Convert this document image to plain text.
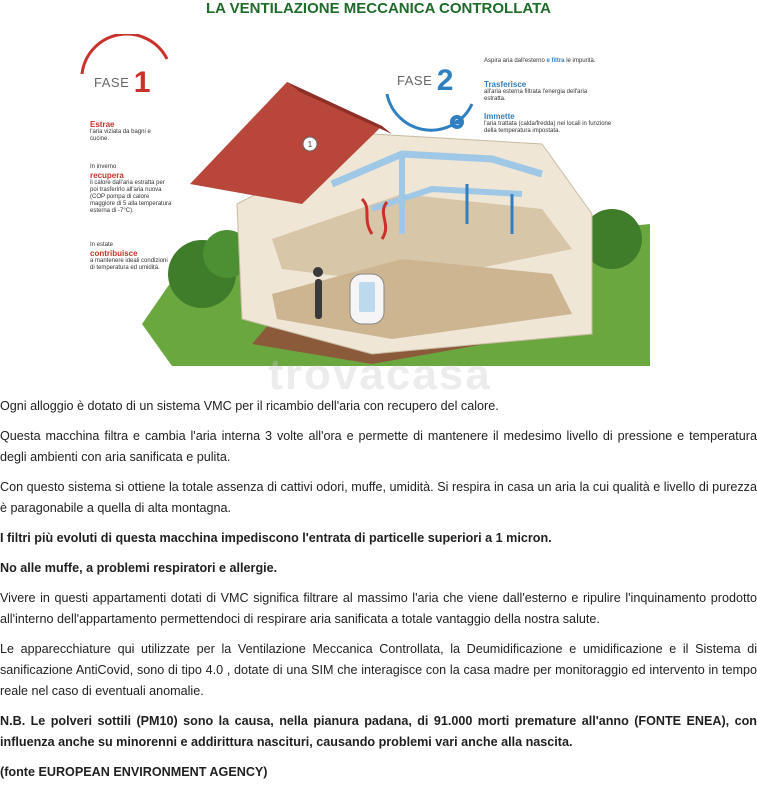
LA VENTILAZIONE MECCANICA CONTROLLATA
1
2
FASE 1	FASE 2
Estrae
l'aria viziata da bagni e cucine.
In inverno
recupera
il calore dall'aria estratta per poi trasferirlo all'aria nuova (COP pompa di calore maggiore di 5 alla temperatura esterna di -7°C).
In estate
contribuisce
a mantenere ideali condizioni di temperatura ed umidità.
Aspira aria dall'esterno e filtra le impurità.
Trasferisce
all'aria esterna filtrata l'energia dell'aria estratta.
Immette
l'aria trattata (calda/fredda) nei locali in funzione della temperatura impostata.
trovacasa

Ogni alloggio è dotato di un sistema VMC per il ricambio dell'aria con recupero del calore.

Questa macchina filtra e cambia l'aria interna 3 volte all'ora e permette di mantenere il medesimo livello di pressione e temperatura degli ambienti con aria sanificata e pulita.

Con questo sistema si ottiene la totale assenza di cattivi odori, muffe, umidità. Si respira in casa un aria la cui qualità e livello di purezza è paragonabile a quella di alta montagna.

I filtri più evoluti di questa macchina impediscono l'entrata di particelle superiori a 1 micron.

No alle muffe, a problemi respiratori e allergie.

Vivere in questi appartamenti dotati di VMC significa filtrare al massimo l'aria che viene dall'esterno e ripulire l'inquinamento prodotto all'interno dell'appartamento permettendoci di respirare aria sanificata a totale vantaggio della nostra salute.

Le apparecchiature qui utilizzate per la Ventilazione Meccanica Controllata, la Deumidificazione e umidificazione e il Sistema di sanificazione AntiCovid, sono di tipo 4.0 , dotate di una SIM che interagisce con la casa madre per monitoraggio ed intervento in tempo reale nel caso di eventuali anomalie.

N.B. Le polveri sottili (PM10) sono la causa, nella pianura padana, di 91.000 morti premature all'anno (FONTE ENEA), con influenza anche su minorenni e addirittura nascituri, causando problemi vari anche alla nascita.

(fonte EUROPEAN ENVIRONMENT AGENCY)
